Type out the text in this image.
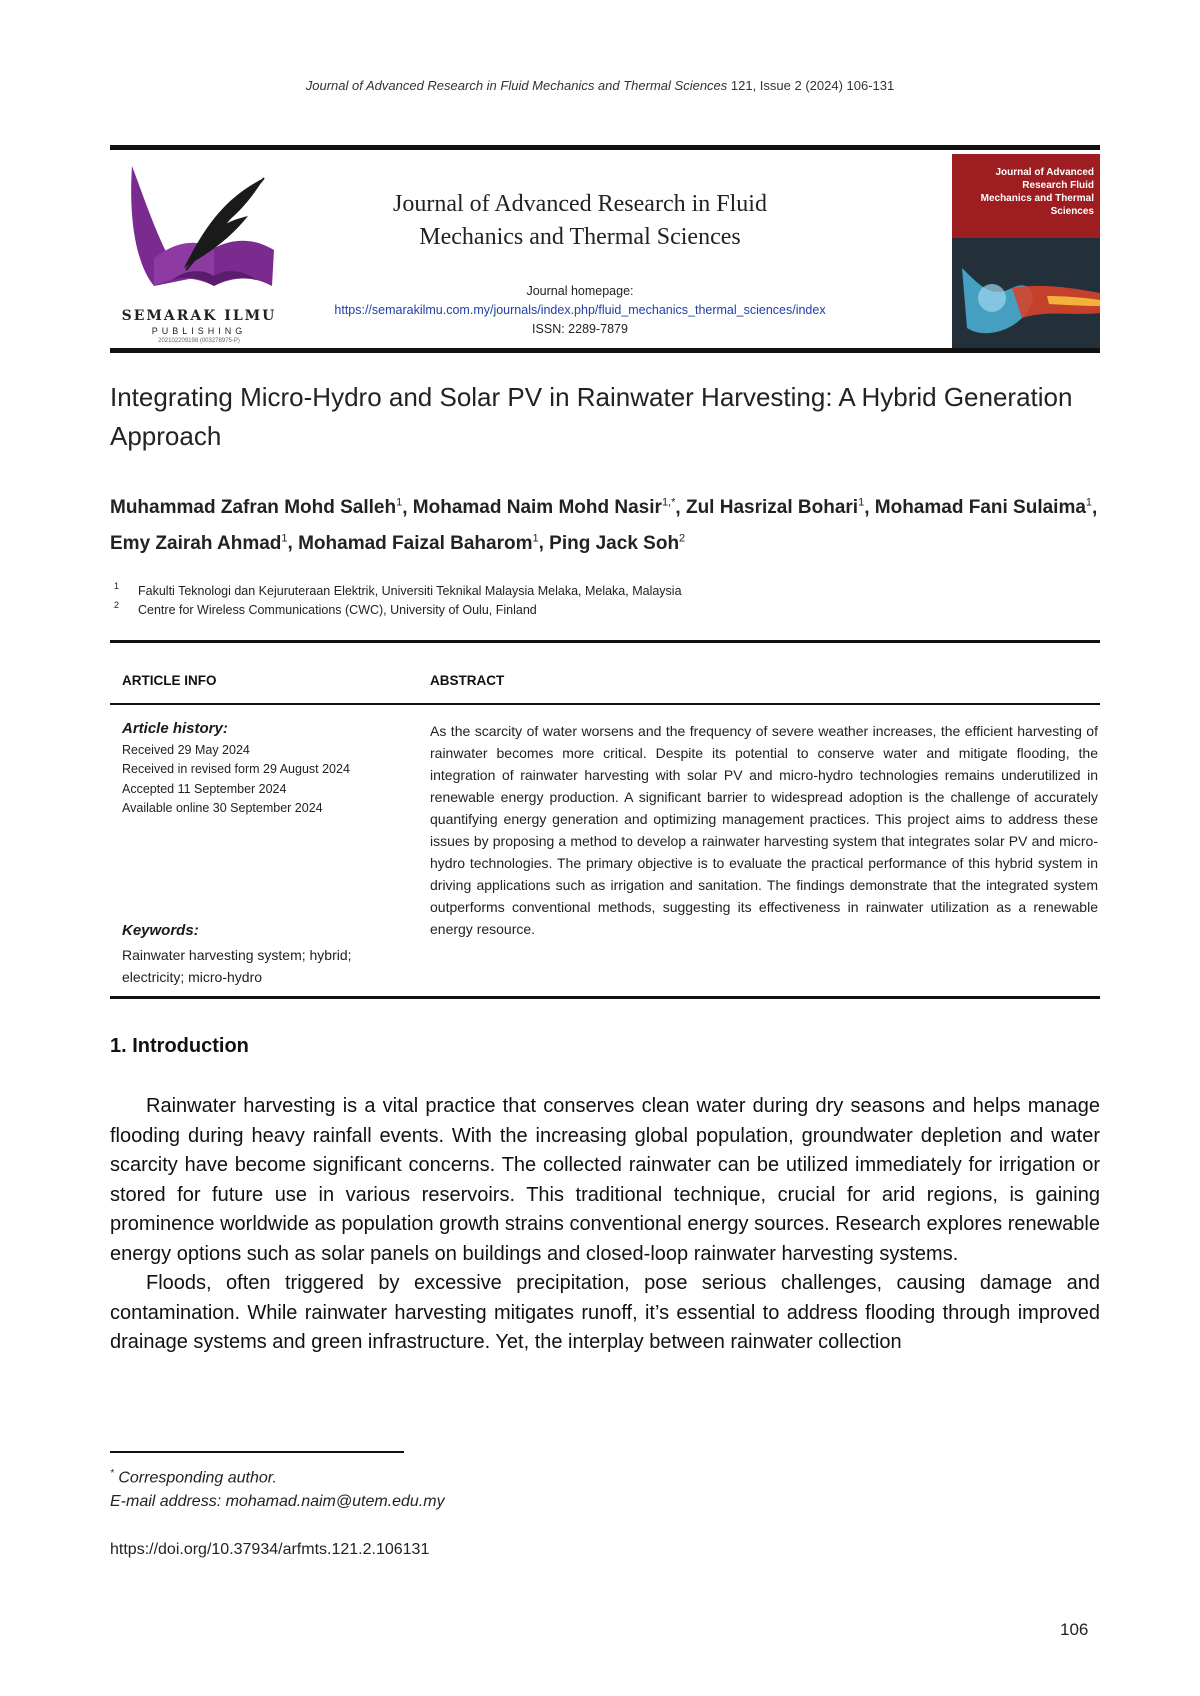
Journal of Advanced Research in Fluid Mechanics and Thermal Sciences 121, Issue 2 (2024) 106-131
SEMARAK ILMU
PUBLISHING
202102209198 (003278975-P)
Journal of Advanced Research in Fluid
Mechanics and Thermal Sciences
Journal homepage:
https://semarakilmu.com.my/journals/index.php/fluid_mechanics_thermal_sciences/index
ISSN: 2289-7879
Journal of Advanced Research Fluid Mechanics and Thermal Sciences
Integrating Micro-Hydro and Solar PV in Rainwater Harvesting: A Hybrid Generation Approach
Muhammad Zafran Mohd Salleh$^1$, Mohamad Naim Mohd Nasir$^{1,*}$, Zul Hasrizal Bohari$^1$, Mohamad Fani Sulaima$^1$, Emy Zairah Ahmad$^1$, Mohamad Faizal Baharom$^1$, Ping Jack Soh$^2$
1 Fakulti Teknologi dan Kejuruteraan Elektrik, Universiti Teknikal Malaysia Melaka, Melaka, Malaysia
2 Centre for Wireless Communications (CWC), University of Oulu, Finland
ARTICLE INFO	ABSTRACT
Article history:
Received 29 May 2024
Received in revised form 29 August 2024
Accepted 11 September 2024
Available online 30 September 2024
Keywords:
Rainwater harvesting system; hybrid; electricity; micro-hydro
As the scarcity of water worsens and the frequency of severe weather increases, the efficient harvesting of rainwater becomes more critical. Despite its potential to conserve water and mitigate flooding, the integration of rainwater harvesting with solar PV and micro-hydro technologies remains underutilized in renewable energy production. A significant barrier to widespread adoption is the challenge of accurately quantifying energy generation and optimizing management practices. This project aims to address these issues by proposing a method to develop a rainwater harvesting system that integrates solar PV and micro-hydro technologies. The primary objective is to evaluate the practical performance of this hybrid system in driving applications such as irrigation and sanitation. The findings demonstrate that the integrated system outperforms conventional methods, suggesting its effectiveness in rainwater utilization as a renewable energy resource.
1. Introduction

Rainwater harvesting is a vital practice that conserves clean water during dry seasons and helps manage flooding during heavy rainfall events. With the increasing global population, groundwater depletion and water scarcity have become significant concerns. The collected rainwater can be utilized immediately for irrigation or stored for future use in various reservoirs. This traditional technique, crucial for arid regions, is gaining prominence worldwide as population growth strains conventional energy sources. Research explores renewable energy options such as solar panels on buildings and closed-loop rainwater harvesting systems.

Floods, often triggered by excessive precipitation, pose serious challenges, causing damage and contamination. While rainwater harvesting mitigates runoff, it’s essential to address flooding through improved drainage systems and green infrastructure. Yet, the interplay between rainwater collection

* Corresponding author.
E-mail address: mohamad.naim@utem.edu.my
https://doi.org/10.37934/arfmts.121.2.106131
106
